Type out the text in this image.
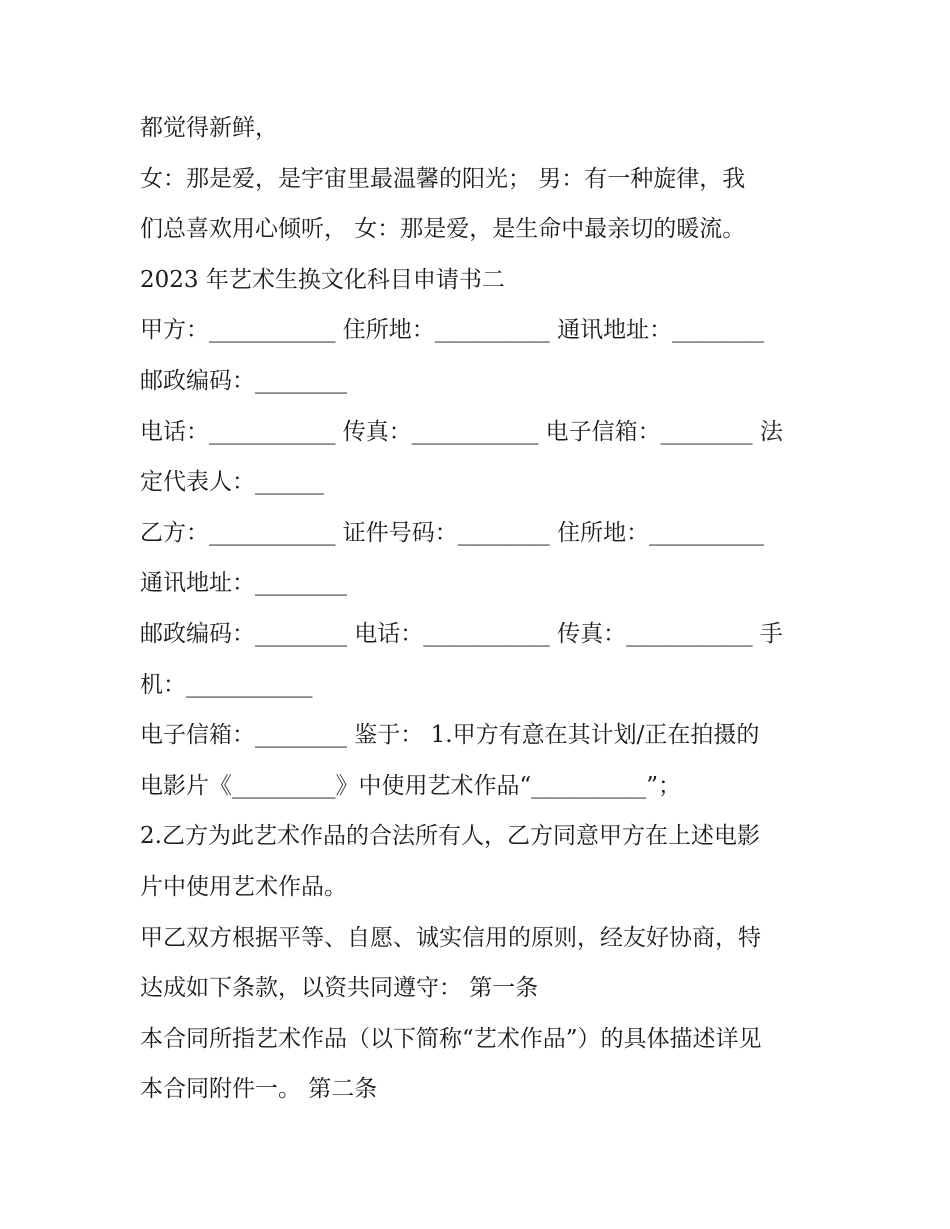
都觉得新鲜，
女：那是爱，是宇宙里最温馨的阳光； 男：有一种旋律，我
们总喜欢用心倾听， 女：那是爱，是生命中最亲切的暖流。
2023 年艺术生换文化科目申请书二
甲方：___________ 住所地：__________ 通讯地址：________
邮政编码：________
电话：___________ 传真：___________ 电子信箱：________ 法
定代表人：______
乙方：___________ 证件号码：________ 住所地：__________
通讯地址：________
邮政编码：________ 电话：___________ 传真：___________ 手
机：___________
电子信箱：________ 鉴于： 1.甲方有意在其计划/正在拍摄的
电影片《_________》中使用艺术作品“__________”；
2.乙方为此艺术作品的合法所有人，乙方同意甲方在上述电影
片中使用艺术作品。
甲乙双方根据平等、自愿、诚实信用的原则，经友好协商，特
达成如下条款，以资共同遵守： 第一条
本合同所指艺术作品（以下简称“艺术作品”）的具体描述详见
本合同附件一。 第二条
